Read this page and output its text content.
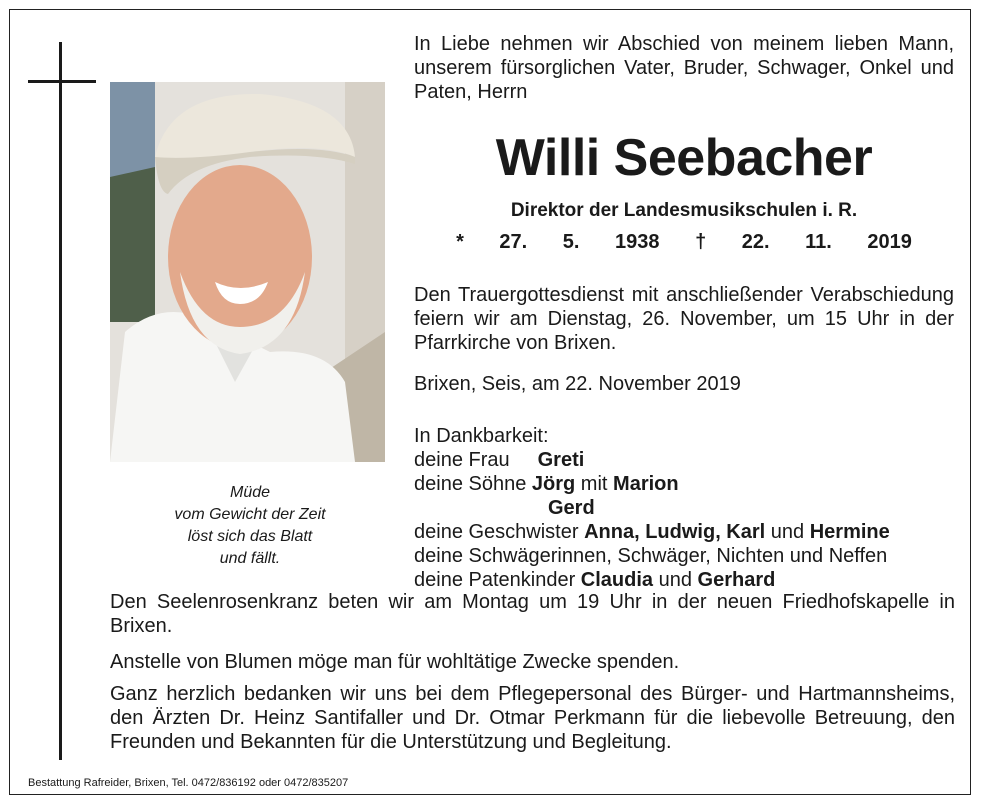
Müde
vom Gewicht der Zeit
löst sich das Blatt
und fällt.
In Liebe nehmen wir Abschied von meinem lieben Mann, unserem fürsorglichen Vater, Bruder, Schwager, Onkel und Paten, Herrn
Willi Seebacher
Direktor der Landesmusikschulen i. R.
* 27. 5. 1938 † 22. 11. 2019
Den Trauergottesdienst mit anschließender Verabschiedung feiern wir am Dienstag, 26. November, um 15 Uhr in der Pfarrkirche von Brixen.
Brixen, Seis, am 22. November 2019
In Dankbarkeit:
deine Frau Greti
deine Söhne Jörg mit Marion
Gerd
deine Geschwister Anna, Ludwig, Karl und Hermine
deine Schwägerinnen, Schwäger, Nichten und Neffen
deine Patenkinder Claudia und Gerhard
Den Seelenrosenkranz beten wir am Montag um 19 Uhr in der neuen Friedhofskapelle in Brixen.
Anstelle von Blumen möge man für wohltätige Zwecke spenden.
Ganz herzlich bedanken wir uns bei dem Pflegepersonal des Bürger- und Hartmannsheims, den Ärzten Dr. Heinz Santifaller und Dr. Otmar Perkmann für die liebevolle Betreuung, den Freunden und Bekannten für die Unterstützung und Begleitung.
Bestattung Rafreider, Brixen, Tel. 0472/836192 oder 0472/835207
